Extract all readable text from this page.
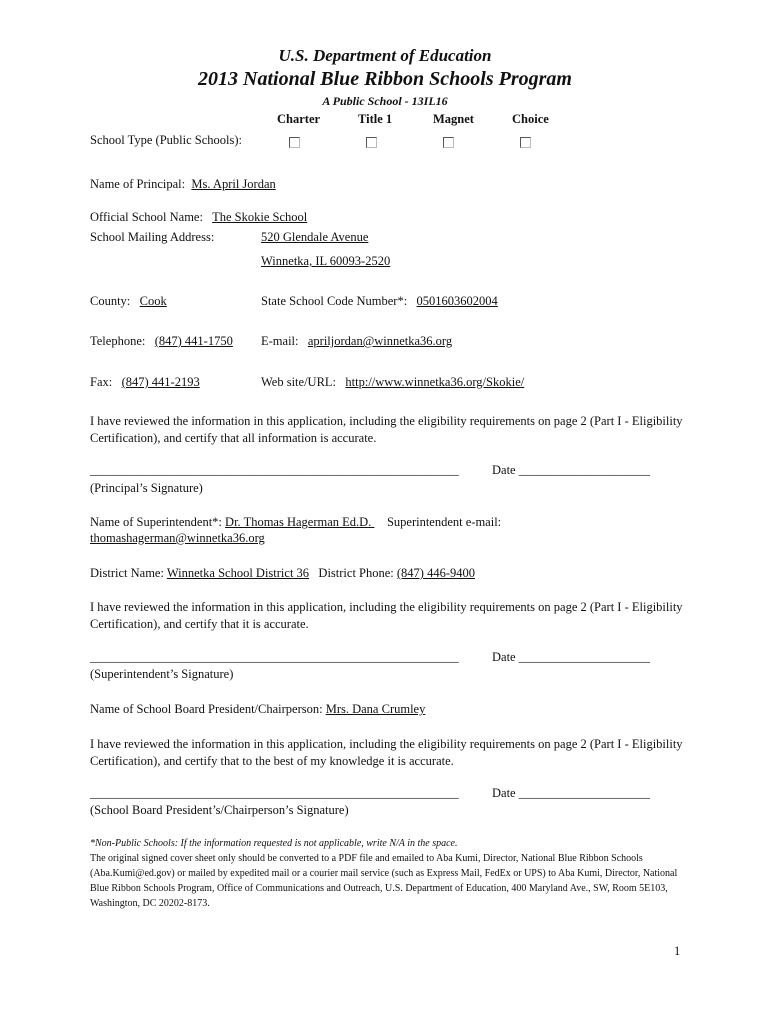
U.S. Department of Education
2013 National Blue Ribbon Schools Program
A Public School - 13IL16
Charter	Title 1	Magnet	Choice
School Type (Public Schools):
Name of Principal: Ms. April Jordan
Official School Name: The Skokie School
School Mailing Address:	520 Glendale Avenue
Winnetka, IL 60093-2520
County: Cook	State School Code Number*: 0501603602004
Telephone: (847) 441-1750 E-mail: apriljordan@winnetka36.org
Fax: (847) 441-2193	Web site/URL: http://www.winnetka36.org/Skokie/
I have reviewed the information in this application, including the eligibility requirements on page 2 (Part I - Eligibility Certification), and certify that all information is accurate.
___________________________________________________________	Date _____________________
(Principal’s Signature)
Name of Superintendent*: Dr. Thomas Hagerman Ed.D.     Superintendent e-mail:
thomashagerman@winnetka36.org
District Name: Winnetka School District 36 District Phone: (847) 446-9400
I have reviewed the information in this application, including the eligibility requirements on page 2 (Part I - Eligibility Certification), and certify that it is accurate.
___________________________________________________________	Date _____________________
(Superintendent’s Signature)
Name of School Board President/Chairperson: Mrs. Dana Crumley
I have reviewed the information in this application, including the eligibility requirements on page 2 (Part I - Eligibility Certification), and certify that to the best of my knowledge it is accurate.
___________________________________________________________	Date _____________________
(School Board President’s/Chairperson’s Signature)
*Non-Public Schools: If the information requested is not applicable, write N/A in the space.
The original signed cover sheet only should be converted to a PDF file and emailed to Aba Kumi, Director, National Blue Ribbon Schools (Aba.Kumi@ed.gov) or mailed by expedited mail or a courier mail service (such as Express Mail, FedEx or UPS) to Aba Kumi, Director, National Blue Ribbon Schools Program, Office of Communications and Outreach, U.S. Department of Education, 400 Maryland Ave., SW, Room 5E103, Washington, DC 20202-8173.
1
